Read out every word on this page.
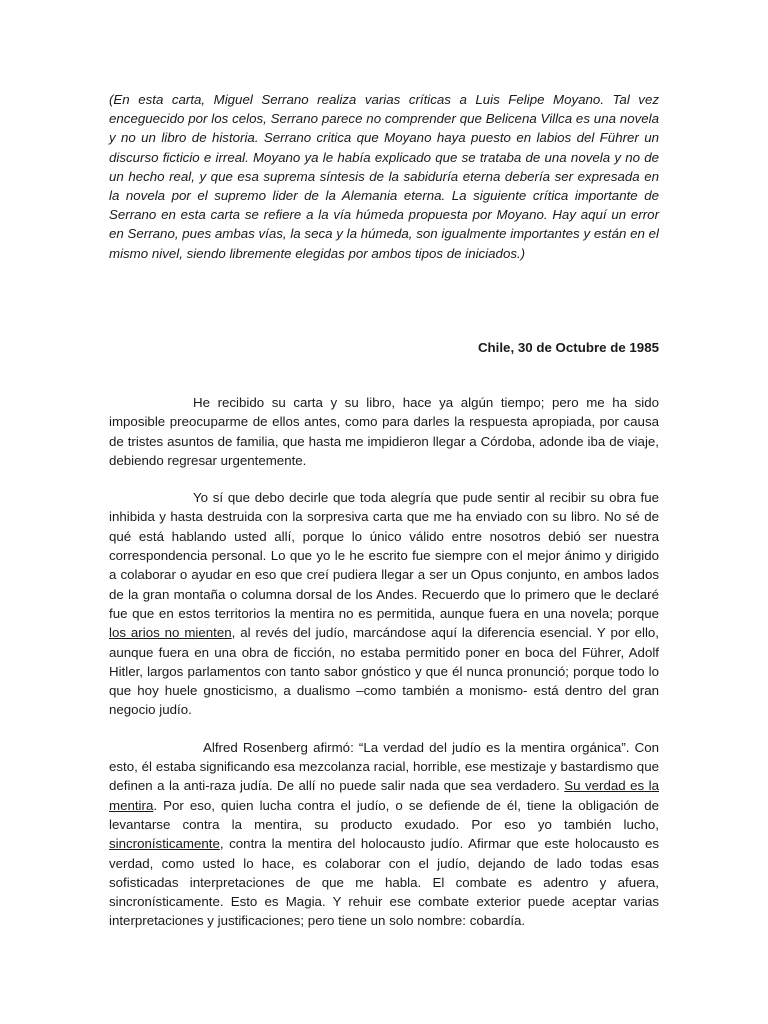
(En esta carta, Miguel Serrano realiza varias críticas a Luis Felipe Moyano. Tal vez enceguecido por los celos, Serrano parece no comprender que Belicena Villca es una novela y no un libro de historia. Serrano critica que Moyano haya puesto en labios del Führer un discurso ficticio e irreal. Moyano ya le había explicado que se trataba de una novela y no de un hecho real, y que esa suprema síntesis de la sabiduría eterna debería ser expresada en la novela por el supremo lider de la Alemania eterna. La siguiente crítica importante de Serrano en esta carta se refiere a la vía húmeda propuesta por Moyano. Hay aquí un error en Serrano, pues ambas vías, la seca y la húmeda, son igualmente importantes y están en el mismo nivel, siendo libremente elegidas por ambos tipos de iniciados.)

Chile, 30 de Octubre de 1985

He recibido su carta y su libro, hace ya algún tiempo; pero me ha sido imposible preocuparme de ellos antes, como para darles la respuesta apropiada, por causa de tristes asuntos de familia, que hasta me impidieron llegar a Córdoba, adonde iba de viaje, debiendo regresar urgentemente.

Yo sí que debo decirle que toda alegría que pude sentir al recibir su obra fue inhibida y hasta destruida con la sorpresiva carta que me ha enviado con su libro. No sé de qué está hablando usted allí, porque lo único válido entre nosotros debió ser nuestra correspondencia personal. Lo que yo le he escrito fue siempre con el mejor ánimo y dirigido a colaborar o ayudar en eso que creí pudiera llegar a ser un Opus conjunto, en ambos lados de la gran montaña o columna dorsal de los Andes. Recuerdo que lo primero que le declaré fue que en estos territorios la mentira no es permitida, aunque fuera en una novela; porque los arios no mienten, al revés del judío, marcándose aquí la diferencia esencial. Y por ello, aunque fuera en una obra de ficción, no estaba permitido poner en boca del Führer, Adolf Hitler, largos parlamentos con tanto sabor gnóstico y que él nunca pronunció; porque todo lo que hoy huele gnosticismo, a dualismo –como también a monismo- está dentro del gran negocio judío.

Alfred Rosenberg afirmó: “La verdad del judío es la mentira orgánica”. Con esto, él estaba significando esa mezcolanza racial, horrible, ese mestizaje y bastardismo que definen a la anti-raza judía. De allí no puede salir nada que sea verdadero. Su verdad es la mentira. Por eso, quien lucha contra el judío, o se defiende de él, tiene la obligación de levantarse contra la mentira, su producto exudado. Por eso yo también lucho, sincronísticamente, contra la mentira del holocausto judío. Afirmar que este holocausto es verdad, como usted lo hace, es colaborar con el judío, dejando de lado todas esas sofisticadas interpretaciones de que me habla. El combate es adentro y afuera, sincronísticamente. Esto es Magia. Y rehuir ese combate exterior puede aceptar varias interpretaciones y justificaciones; pero tiene un solo nombre: cobardía.
